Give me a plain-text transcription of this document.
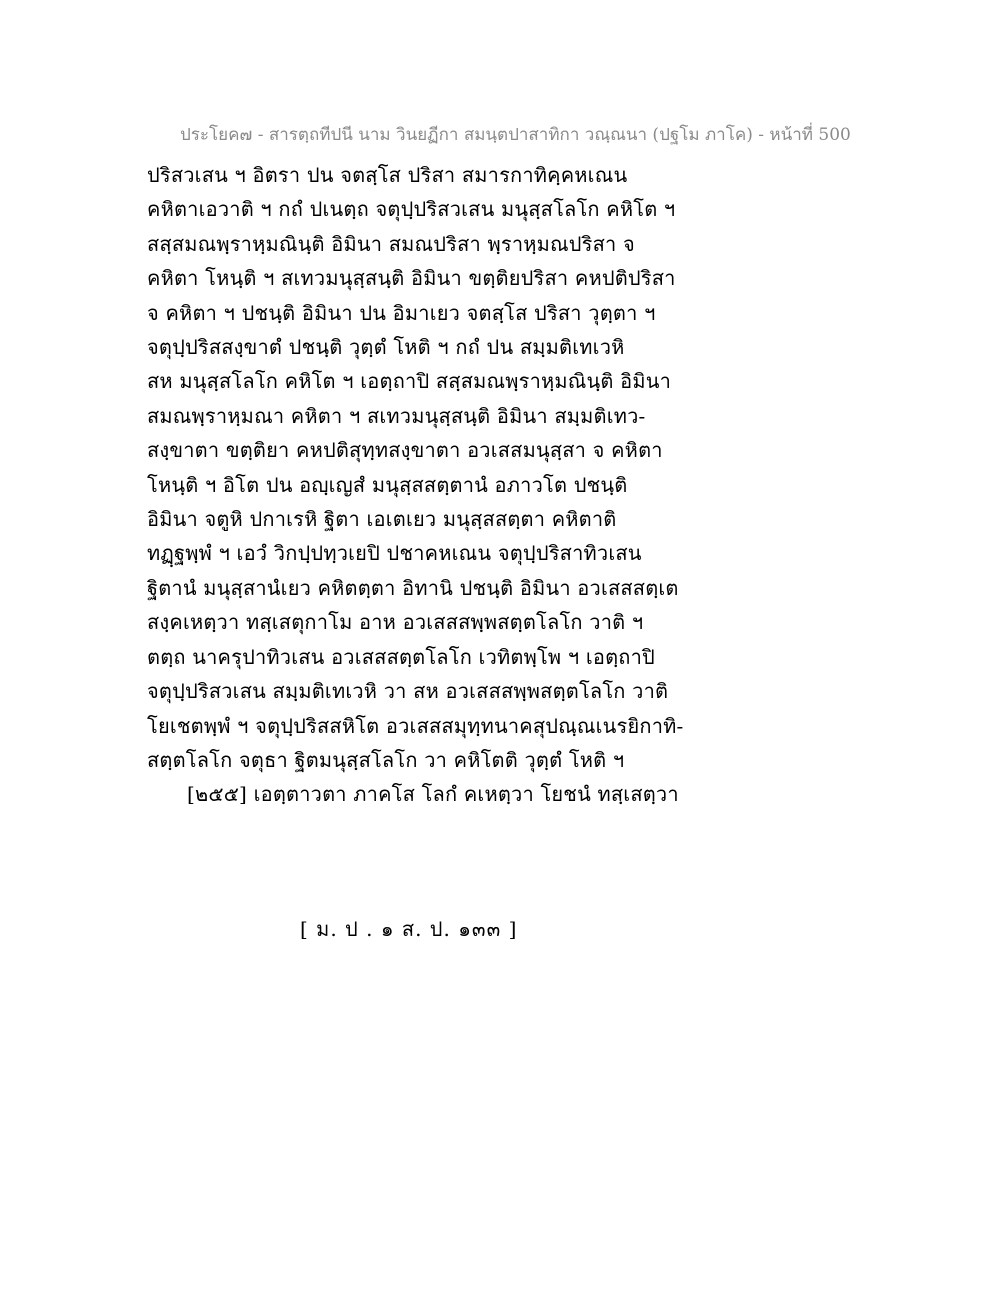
ประโยค๗ - สารตฺถทีปนี นาม วินยฏีกา สมนฺตปาสาทิกา วณฺณนา (ปฐโม ภาโค) - หน้าที่ 500
ปริสวเสน ฯ อิตรา ปน จตสฺโส ปริสา สมารกาทิคฺคหเณน
คหิตาเอวาติ ฯ กถํ ปเนตฺถ จตุปฺปริสวเสน มนุสฺสโลโก คหิโต ฯ
สสฺสมณพฺราหฺมณินฺติ อิมินา สมณปริสา พฺราหฺมณปริสา จ
คหิตา โหนฺติ ฯ สเทวมนุสฺสนฺติ อิมินา ขตฺติยปริสา คหปติปริสา
จ คหิตา ฯ ปชนฺติ อิมินา ปน อิมาเยว จตสฺโส ปริสา วุตฺตา ฯ
จตุปฺปริสสงฺขาตํ ปชนฺติ วุตฺตํ โหติ ฯ กถํ ปน สมฺมติเทเวหิ
สห มนุสฺสโลโก คหิโต ฯ เอตฺถาปิ สสฺสมณพฺราหฺมณินฺติ อิมินา
สมณพฺราหฺมณา คหิตา ฯ สเทวมนุสฺสนฺติ อิมินา สมฺมติเทว-
สงฺขาตา ขตฺติยา คหปติสุทฺทสงฺขาตา อวเสสมนุสฺสา จ คหิตา
โหนฺติ ฯ อิโต ปน อญฺเญสํ มนุสฺสสตฺตานํ อภาวโต ปชนฺติ
อิมินา จตูหิ ปกาเรหิ ฐิตา เอเตเยว มนุสฺสสตฺตา คหิตาติ
ทฏฺฐพฺพํ ฯ เอวํ วิกปฺปทฺวเยปิ ปชาคหเณน จตุปฺปริสาทิวเสน
ฐิตานํ มนุสฺสานํเยว คหิตตฺตา อิทานิ ปชนฺติ อิมินา อวเสสสตฺเต
สงฺคเหตฺวา ทสฺเสตุกาโม อาห อวเสสสพฺพสตฺตโลโก วาติ ฯ
ตตฺถ นาครุปาทิวเสน อวเสสสตฺตโลโก เวทิตพฺโพ ฯ เอตฺถาปิ
จตุปฺปริสวเสน สมฺมติเทเวหิ วา สห อวเสสสพฺพสตฺตโลโก วาติ
โยเชตพฺพํ ฯ จตุปฺปริสสหิโต อวเสสสมุทฺทนาคสุปณฺณเนรยิกาทิ-
สตฺตโลโก จตุธา ฐิตมนุสฺสโลโก วา คหิโตติ วุตฺตํ โหติ ฯ
[๒๕๕] เอตฺตาวตา ภาคโส โลกํ คเหตฺวา โยชนํ ทสฺเสตฺวา
[ ม. ป . ๑ ส. ป. ๑๓๓ ]
